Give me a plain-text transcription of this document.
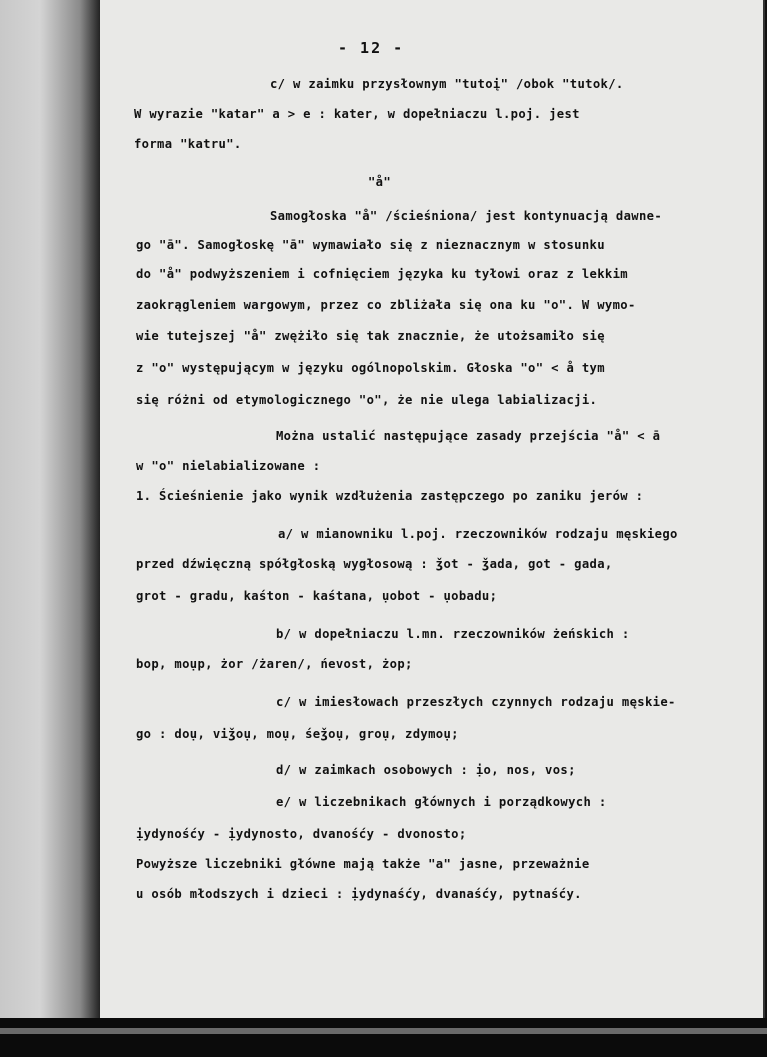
- 12 -
c/ w zaimku przysłownym "tutoį" /obok "tutok/.
W wyrazie "katar" a > e : kater, w dopełniaczu l.poj. jest
forma "katru".
"å"
Samogłoska "å" /ścieśniona/ jest kontynuacją dawne-
go "ā". Samogłoskę "ā" wymawiało się z nieznacznym w stosunku
do "å" podwyższeniem i cofnięciem języka ku tyłowi oraz z lekkim
zaokrągleniem wargowym, przez co zbliżała się ona ku "o". W wymo-
wie tutejszej "å" zwężiło się tak znacznie, że utożsamiło się
z "o" występującym w języku ogólnopolskim. Głoska "o" < å tym
się różni od etymologicznego "o", że nie ulega labializacji.
Można ustalić następujące zasady przejścia "å" < ā
w "o" nielabializowane :
1. Ścieśnienie jako wynik wzdłużenia zastępczego po zaniku jerów :
a/ w mianowniku l.poj. rzeczowników rodzaju męskiego
przed dźwięczną spółgłoską wygłosową : ǯot - ǯada, got - gada,
grot - gradu, kaśton - kaśtana, ụobot - ụobadu;
b/ w dopełniaczu l.mn. rzeczowników żeńskich :
bop, moụp, żor /żaren/, ńevost, żop;
c/ w imiesłowach przeszłych czynnych rodzaju męskie-
go : doụ, viǯoụ, moụ, śeǯoụ, groụ, zdymoụ;
d/ w zaimkach osobowych : ịo, nos, vos;
e/ w liczebnikach głównych i porządkowych :
ịydynośćy - ịydynosto, dvanośćy - dvonosto;
Powyższe liczebniki główne mają także "a" jasne, przeważnie
u osób młodszych i dzieci : ịydynaśćy, dvanaśćy, pytnaśćy.
